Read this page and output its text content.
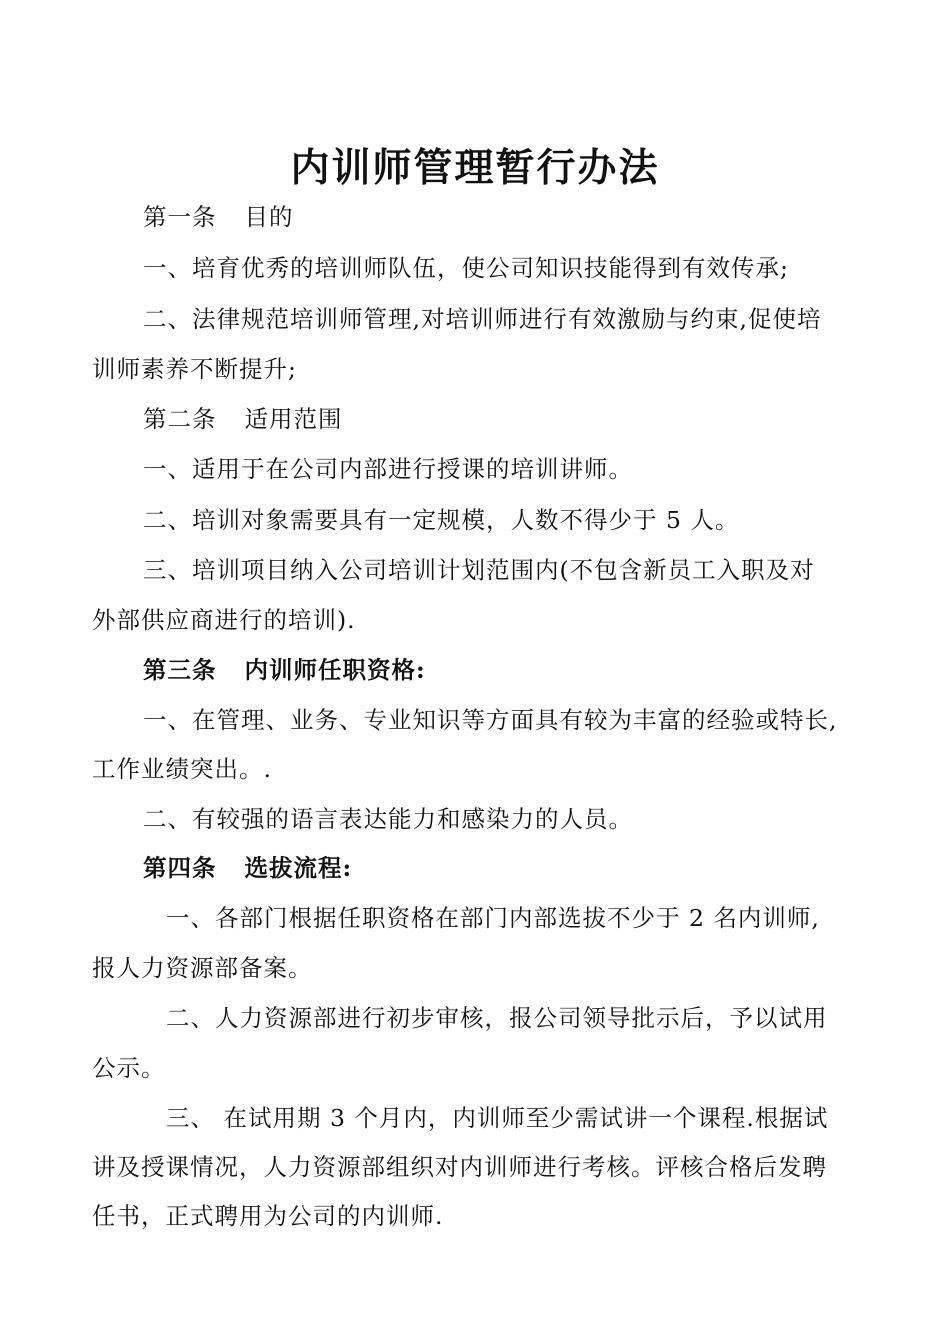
内训师管理暂行办法
第一条 目的
一、培育优秀的培训师队伍，使公司知识技能得到有效传承;
二、法律规范培训师管理,对培训师进行有效激励与约束,促使培
训师素养不断提升;
第二条 适用范围
一、适用于在公司内部进行授课的培训讲师。
二、培训对象需要具有一定规模，人数不得少于 5 人。
三、培训项目纳入公司培训计划范围内(不包含新员工入职及对
外部供应商进行的培训).
第三条 内训师任职资格:
一、在管理、业务、专业知识等方面具有较为丰富的经验或特长,
工作业绩突出。.
二、有较强的语言表达能力和感染力的人员。
第四条 选拔流程:
一、各部门根据任职资格在部门内部选拔不少于 2 名内训师,
报人力资源部备案。
二、人力资源部进行初步审核，报公司领导批示后，予以试用
公示。
三、 在试用期 3 个月内，内训师至少需试讲一个课程.根据试
讲及授课情况，人力资源部组织对内训师进行考核。评核合格后发聘
任书，正式聘用为公司的内训师.
